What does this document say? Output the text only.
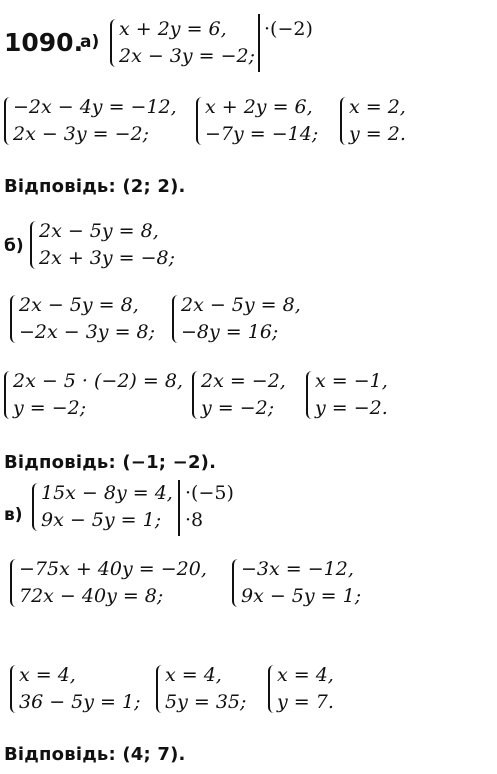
1090.
а)
x + 2y = 6,
2x − 3y = −2;
·(−2)
−2x − 4y = −12,
2x − 3y = −2;
x + 2y = 6,
−7y = −14;
x = 2,
y = 2.
Відповідь: (2; 2).
б)
2x − 5y = 8,
2x + 3y = −8;
2x − 5y = 8,
−2x − 3y = 8;
2x − 5y = 8,
−8y = 16;
2x − 5 · (−2) = 8,
y = −2;
2x = −2,
y = −2;
x = −1,
y = −2.
Відповідь: (−1; −2).
в)
15x − 8y = 4,
9x − 5y = 1;
·(−5)
·8
−75x + 40y = −20,
72x − 40y = 8;
−3x = −12,
9x − 5y = 1;
x = 4,
36 − 5y = 1;
x = 4,
5y = 35;
x = 4,
y = 7.
Відповідь: (4; 7).
